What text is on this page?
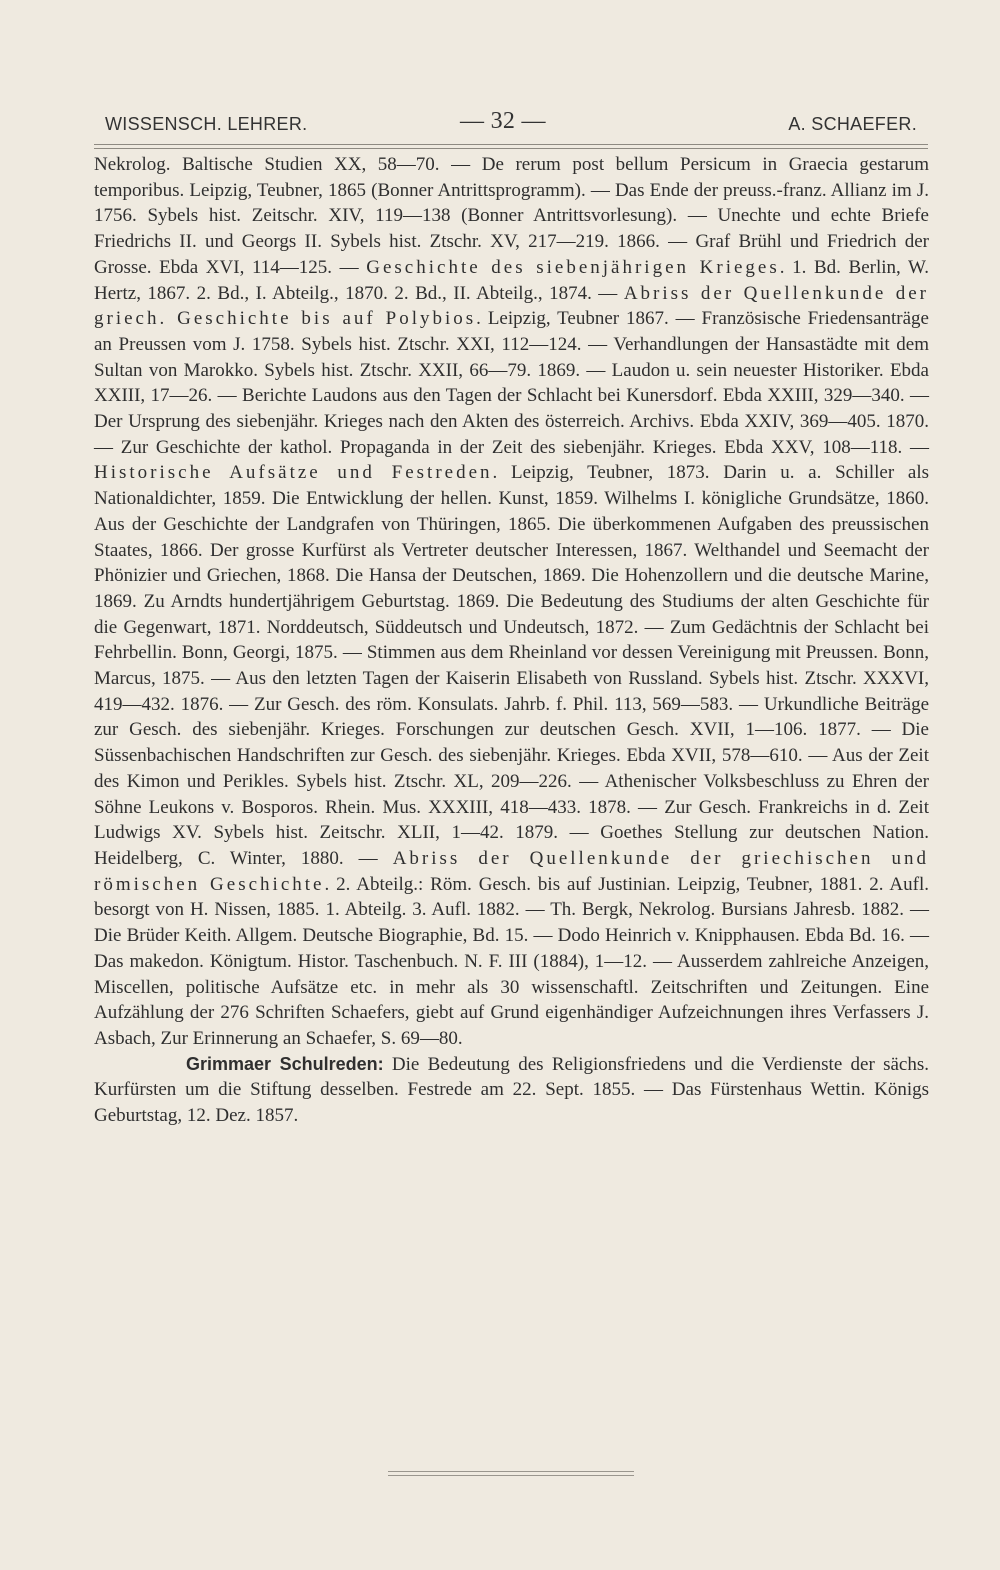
WISSENSCH. LEHRER.	— 32 —	A. SCHAEFER.

Nekrolog. Baltische Studien XX, 58—70. — De rerum post bellum Persicum in Graecia gestarum temporibus. Leipzig, Teubner, 1865 (Bonner Antrittsprogramm). — Das Ende der preuss.-franz. Allianz im J. 1756. Sybels hist. Zeitschr. XIV, 119—138 (Bonner Antrittsvorlesung). — Unechte und echte Briefe Friedrichs II. und Georgs II. Sybels hist. Ztschr. XV, 217—219. 1866. — Graf Brühl und Friedrich der Grosse. Ebda XVI, 114—125. — Geschichte des siebenjährigen Krieges. 1. Bd. Berlin, W. Hertz, 1867. 2. Bd., I. Abteilg., 1870. 2. Bd., II. Abteilg., 1874. — Abriss der Quellenkunde der griech. Geschichte bis auf Polybios. Leipzig, Teubner 1867. — Französische Friedensanträge an Preussen vom J. 1758. Sybels hist. Ztschr. XXI, 112—124. — Verhandlungen der Hansastädte mit dem Sultan von Marokko. Sybels hist. Ztschr. XXII, 66—79. 1869. — Laudon u. sein neuester Historiker. Ebda XXIII, 17—26. — Berichte Laudons aus den Tagen der Schlacht bei Kunersdorf. Ebda XXIII, 329—340. — Der Ursprung des siebenjähr. Krieges nach den Akten des österreich. Archivs. Ebda XXIV, 369—405. 1870. — Zur Geschichte der kathol. Propaganda in der Zeit des siebenjähr. Krieges. Ebda XXV, 108—118. — Historische Aufsätze und Festreden. Leipzig, Teubner, 1873. Darin u. a. Schiller als Nationaldichter, 1859. Die Entwicklung der hellen. Kunst, 1859. Wilhelms I. königliche Grundsätze, 1860. Aus der Geschichte der Landgrafen von Thüringen, 1865. Die überkommenen Aufgaben des preussischen Staates, 1866. Der grosse Kurfürst als Vertreter deutscher Interessen, 1867. Welthandel und Seemacht der Phönizier und Griechen, 1868. Die Hansa der Deutschen, 1869. Die Hohenzollern und die deutsche Marine, 1869. Zu Arndts hundertjährigem Geburtstag. 1869. Die Bedeutung des Studiums der alten Geschichte für die Gegenwart, 1871. Norddeutsch, Süddeutsch und Undeutsch, 1872. — Zum Gedächtnis der Schlacht bei Fehrbellin. Bonn, Georgi, 1875. — Stimmen aus dem Rheinland vor dessen Vereinigung mit Preussen. Bonn, Marcus, 1875. — Aus den letzten Tagen der Kaiserin Elisabeth von Russland. Sybels hist. Ztschr. XXXVI, 419—432. 1876. — Zur Gesch. des röm. Konsulats. Jahrb. f. Phil. 113, 569—583. — Urkundliche Beiträge zur Gesch. des siebenjähr. Krieges. Forschungen zur deutschen Gesch. XVII, 1—106. 1877. — Die Süssenbachischen Handschriften zur Gesch. des siebenjähr. Krieges. Ebda XVII, 578—610. — Aus der Zeit des Kimon und Perikles. Sybels hist. Ztschr. XL, 209—226. — Athenischer Volksbeschluss zu Ehren der Söhne Leukons v. Bosporos. Rhein. Mus. XXXIII, 418—433. 1878. — Zur Gesch. Frankreichs in d. Zeit Ludwigs XV. Sybels hist. Zeitschr. XLII, 1—42. 1879. — Goethes Stellung zur deutschen Nation. Heidelberg, C. Winter, 1880. — Abriss der Quellenkunde der griechischen und römischen Geschichte. 2. Abteilg.: Röm. Gesch. bis auf Justinian. Leipzig, Teubner, 1881. 2. Aufl. besorgt von H. Nissen, 1885. 1. Abteilg. 3. Aufl. 1882. — Th. Bergk, Nekrolog. Bursians Jahresb. 1882. — Die Brüder Keith. Allgem. Deutsche Biographie, Bd. 15. — Dodo Heinrich v. Knipphausen. Ebda Bd. 16. — Das makedon. Königtum. Histor. Taschenbuch. N. F. III (1884), 1—12. — Ausserdem zahlreiche Anzeigen, Miscellen, politische Aufsätze etc. in mehr als 30 wissenschaftl. Zeitschriften und Zeitungen. Eine Aufzählung der 276 Schriften Schaefers, giebt auf Grund eigenhändiger Aufzeichnungen ihres Verfassers J. Asbach, Zur Erinnerung an Schaefer, S. 69—80.

Grimmaer Schulreden: Die Bedeutung des Religionsfriedens und die Verdienste der sächs. Kurfürsten um die Stiftung desselben. Festrede am 22. Sept. 1855. — Das Fürstenhaus Wettin. Königs Geburtstag, 12. Dez. 1857.
